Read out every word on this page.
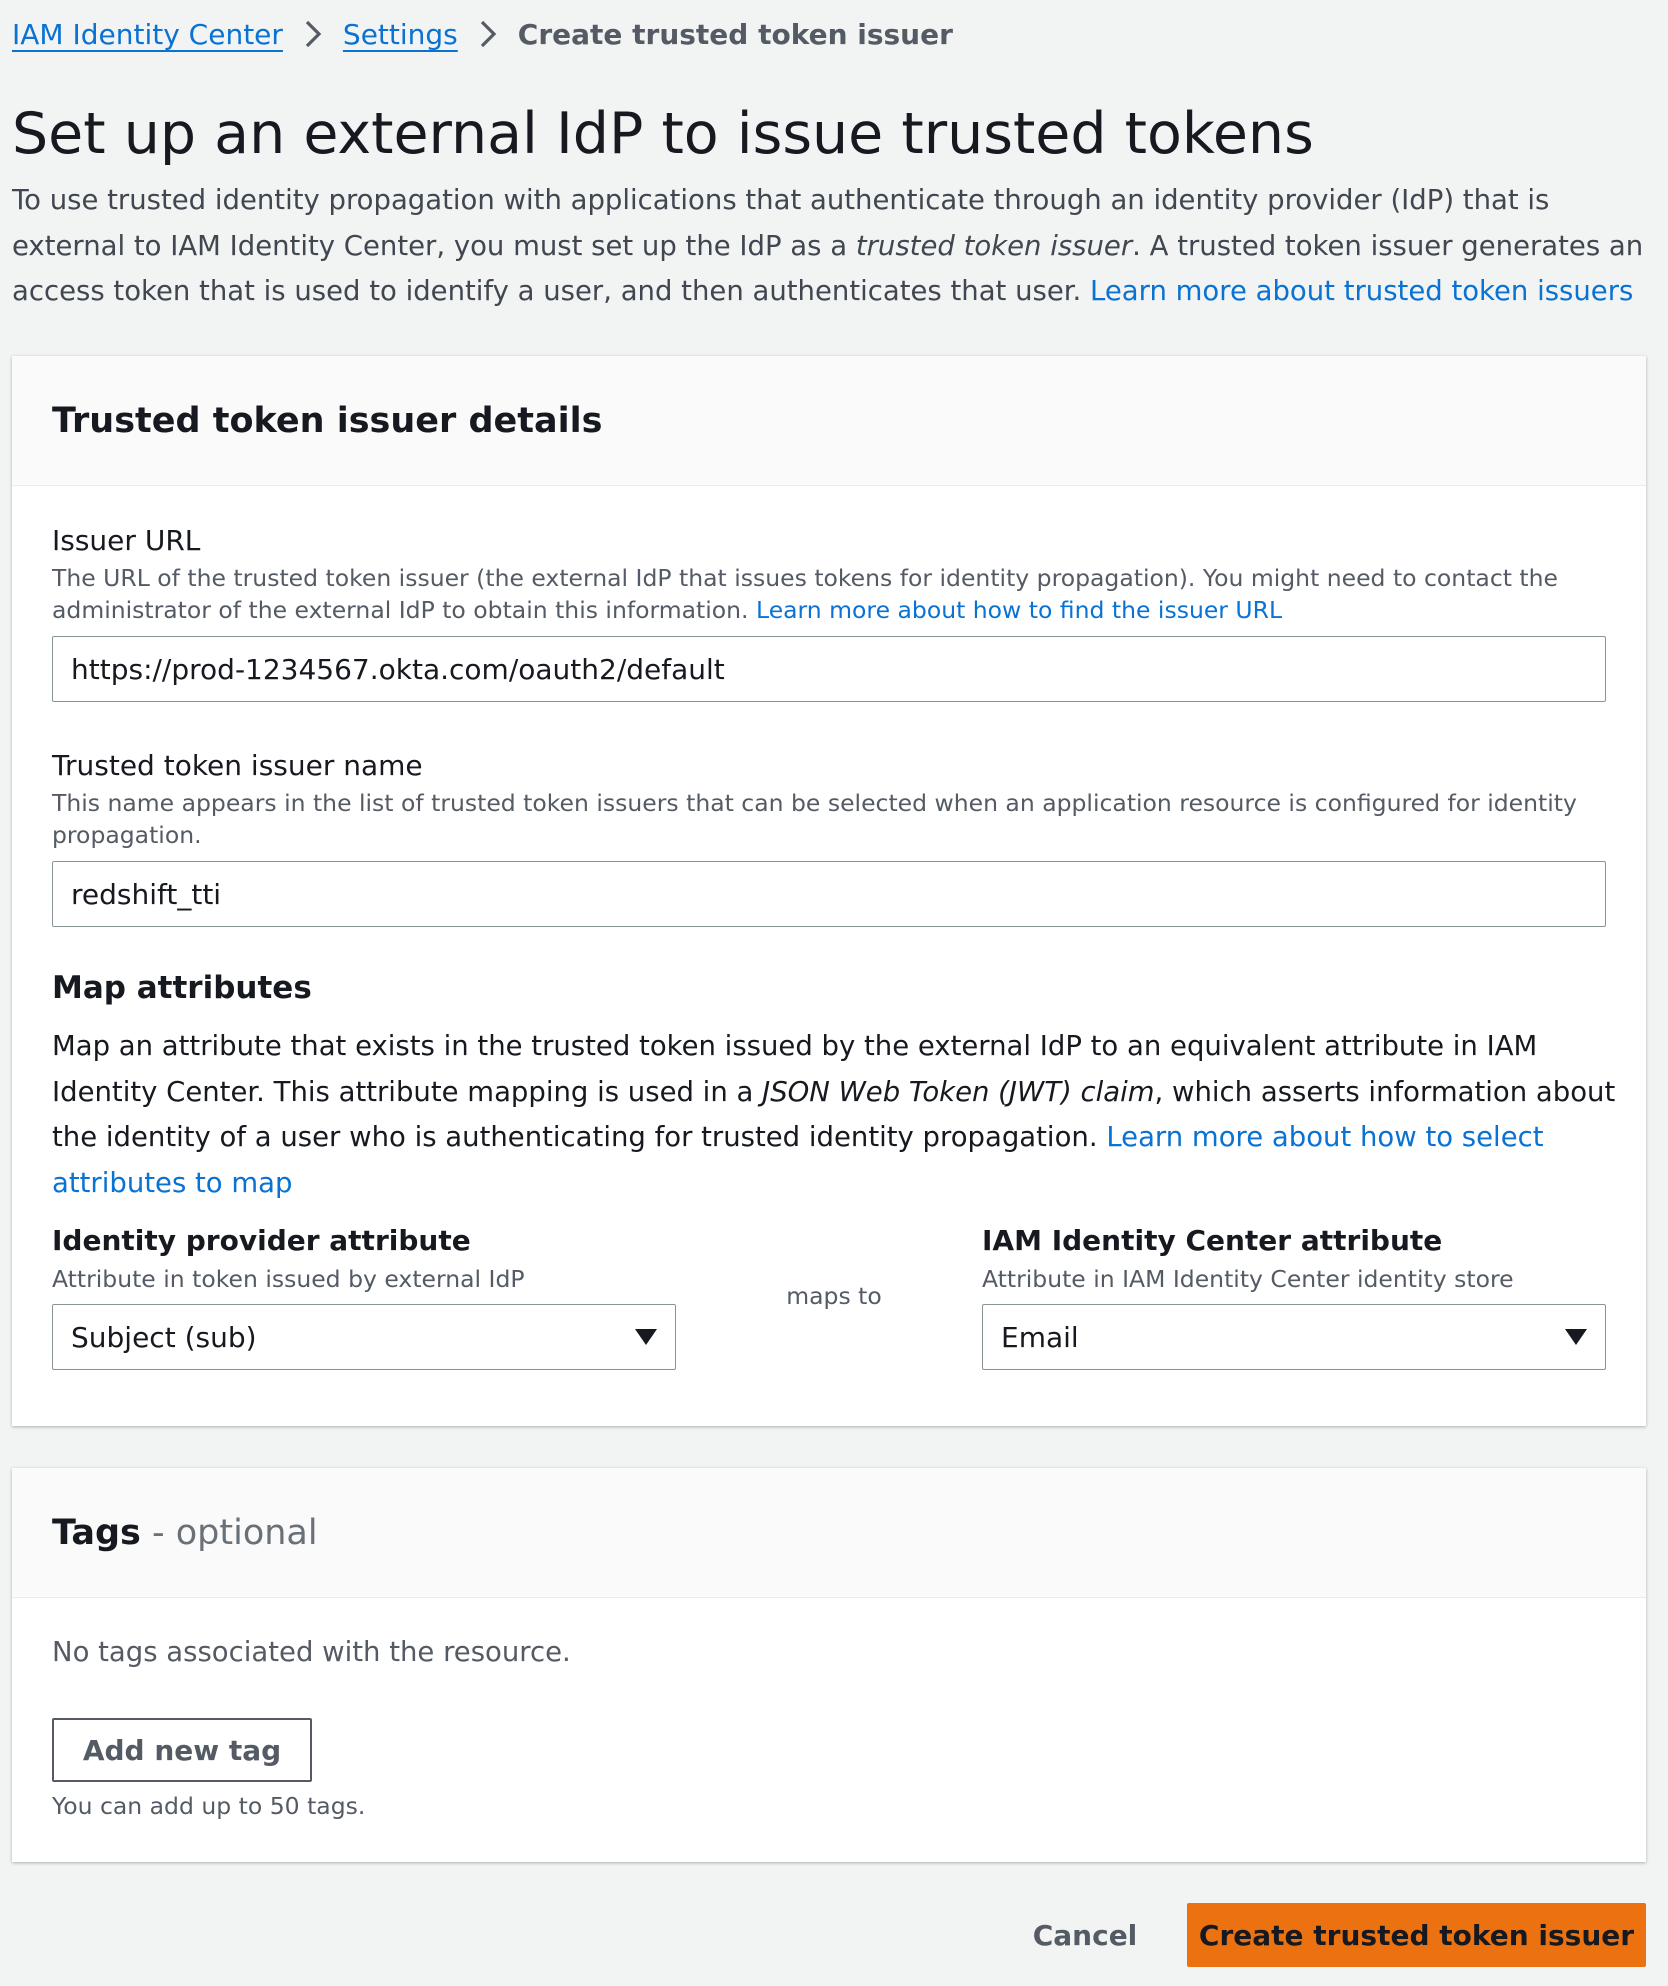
IAM Identity Center Settings Create trusted token issuer
Set up an external IdP to issue trusted tokens

To use trusted identity propagation with applications that authenticate through an identity provider (IdP) that is external to IAM Identity Center, you must set up the IdP as a trusted token issuer. A trusted token issuer generates an access token that is used to identify a user, and then authenticates that user. Learn more about trusted token issuers

Trusted token issuer details
Issuer URL
The URL of the trusted token issuer (the external IdP that issues tokens for identity propagation). You might need to contact the administrator of the external IdP to obtain this information. Learn more about how to find the issuer URL
https://prod-1234567.okta.com/oauth2/default
Trusted token issuer name
This name appears in the list of trusted token issuers that can be selected when an application resource is configured for identity propagation.
redshift_tti
Map attributes
Map an attribute that exists in the trusted token issued by the external IdP to an equivalent attribute in IAM Identity Center. This attribute mapping is used in a JSON Web Token (JWT) claim, which asserts information about the identity of a user who is authenticating for trusted identity propagation. Learn more about how to select attributes to map
Identity provider attribute
Attribute in token issued by external IdP
Subject (sub)
maps to
IAM Identity Center attribute
Attribute in IAM Identity Center identity store
Email
Tags - optional
No tags associated with the resource.
Add new tag
You can add up to 50 tags.
Cancel	Create trusted token issuer
